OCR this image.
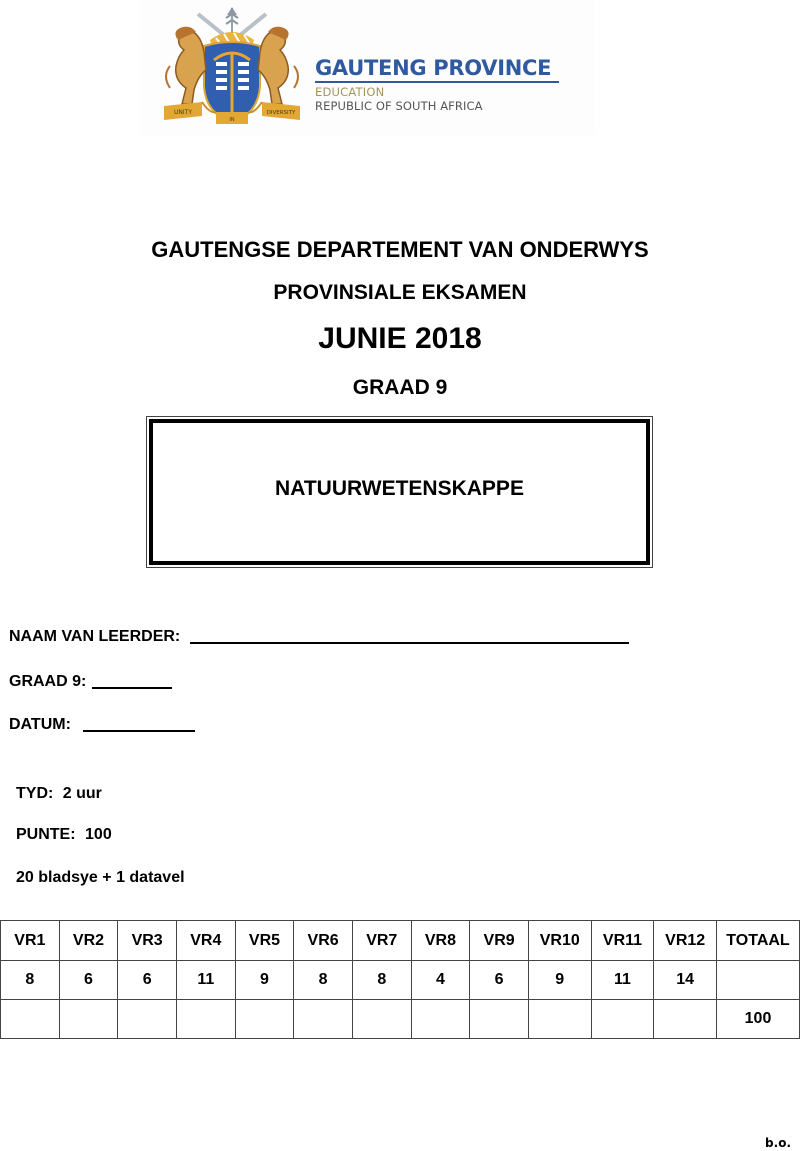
UNITY
IN
DIVERSITY
GAUTENG PROVINCE
EDUCATION
REPUBLIC OF SOUTH AFRICA
GAUTENGSE DEPARTEMENT VAN ONDERWYS
PROVINSIALE EKSAMEN
JUNIE 2018
GRAAD 9
NATUURWETENSKAPPE
NAAM VAN LEERDER:
GRAAD 9:
DATUM:
TYD: 2 uur
PUNTE: 100
20 bladsye + 1 datavel
VR1	VR2	VR3	VR4	VR5	VR6	VR7	VR8	VR9	VR10	VR11	VR12	TOTAAL
8	6	6	11	9	8	8	4	6	9	11	14	
												100
b.o.
